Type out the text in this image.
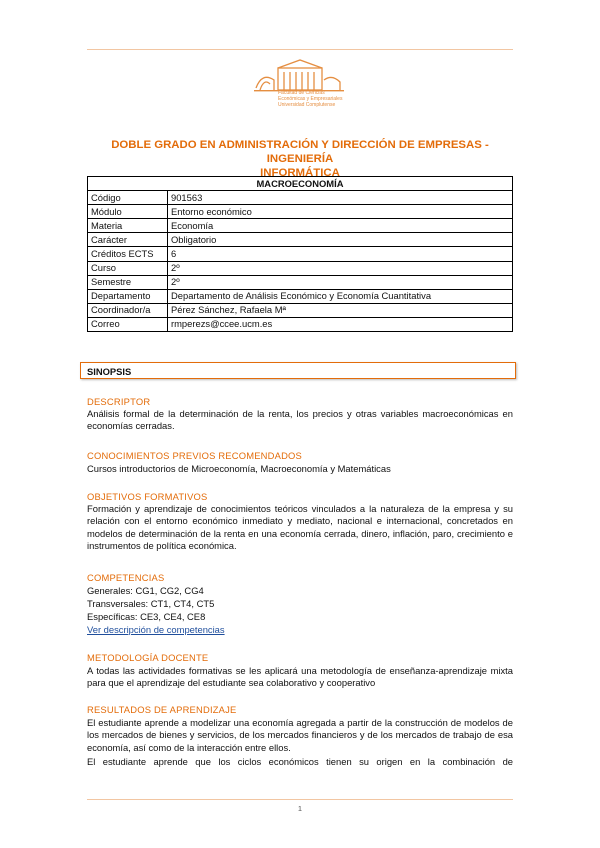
Facultad de Ciencias
Económicas y Empresariales
Universidad Complutense
DOBLE GRADO EN ADMINISTRACIÓN Y DIRECCIÓN DE EMPRESAS - INGENIERÍA
INFORMÁTICA
MACROECONOMÍA	
Código	901563
Módulo	Entorno económico
Materia	Economía
Carácter	Obligatorio
Créditos ECTS	6
Curso	2º
Semestre	2º
Departamento	Departamento de Análisis Económico y Economía Cuantitativa
Coordinador/a	Pérez Sánchez, Rafaela Mª
Correo	rmperezs@ccee.ucm.es
SINOPSIS
DESCRIPTOR
Análisis formal de la determinación de la renta, los precios y otras variables macroeconómicas en economías cerradas.
CONOCIMIENTOS PREVIOS RECOMENDADOS
Cursos introductorios de Microeconomía, Macroeconomía y Matemáticas
OBJETIVOS FORMATIVOS
Formación y aprendizaje de conocimientos teóricos vinculados a la naturaleza de la empresa y su relación con el entorno económico inmediato y mediato, nacional e internacional, concretados en modelos de determinación de la renta en una economía cerrada, dinero, inflación, paro, crecimiento e instrumentos de política económica.
COMPETENCIAS
Generales: CG1, CG2, CG4
Transversales: CT1, CT4, CT5
Específicas: CE3, CE4, CE8
Ver descripción de competencias
METODOLOGÍA DOCENTE
A todas las actividades formativas se les aplicará una metodología de enseñanza-aprendizaje mixta para que el aprendizaje del estudiante sea colaborativo y cooperativo
RESULTADOS DE APRENDIZAJE
El estudiante aprende a modelizar una economía agregada a partir de la construcción de modelos de los mercados de bienes y servicios, de los mercados financieros y de los mercados de trabajo de esa economía, así como de la interacción entre ellos.
El estudiante aprende que los ciclos económicos tienen su origen en la combinación de
1
